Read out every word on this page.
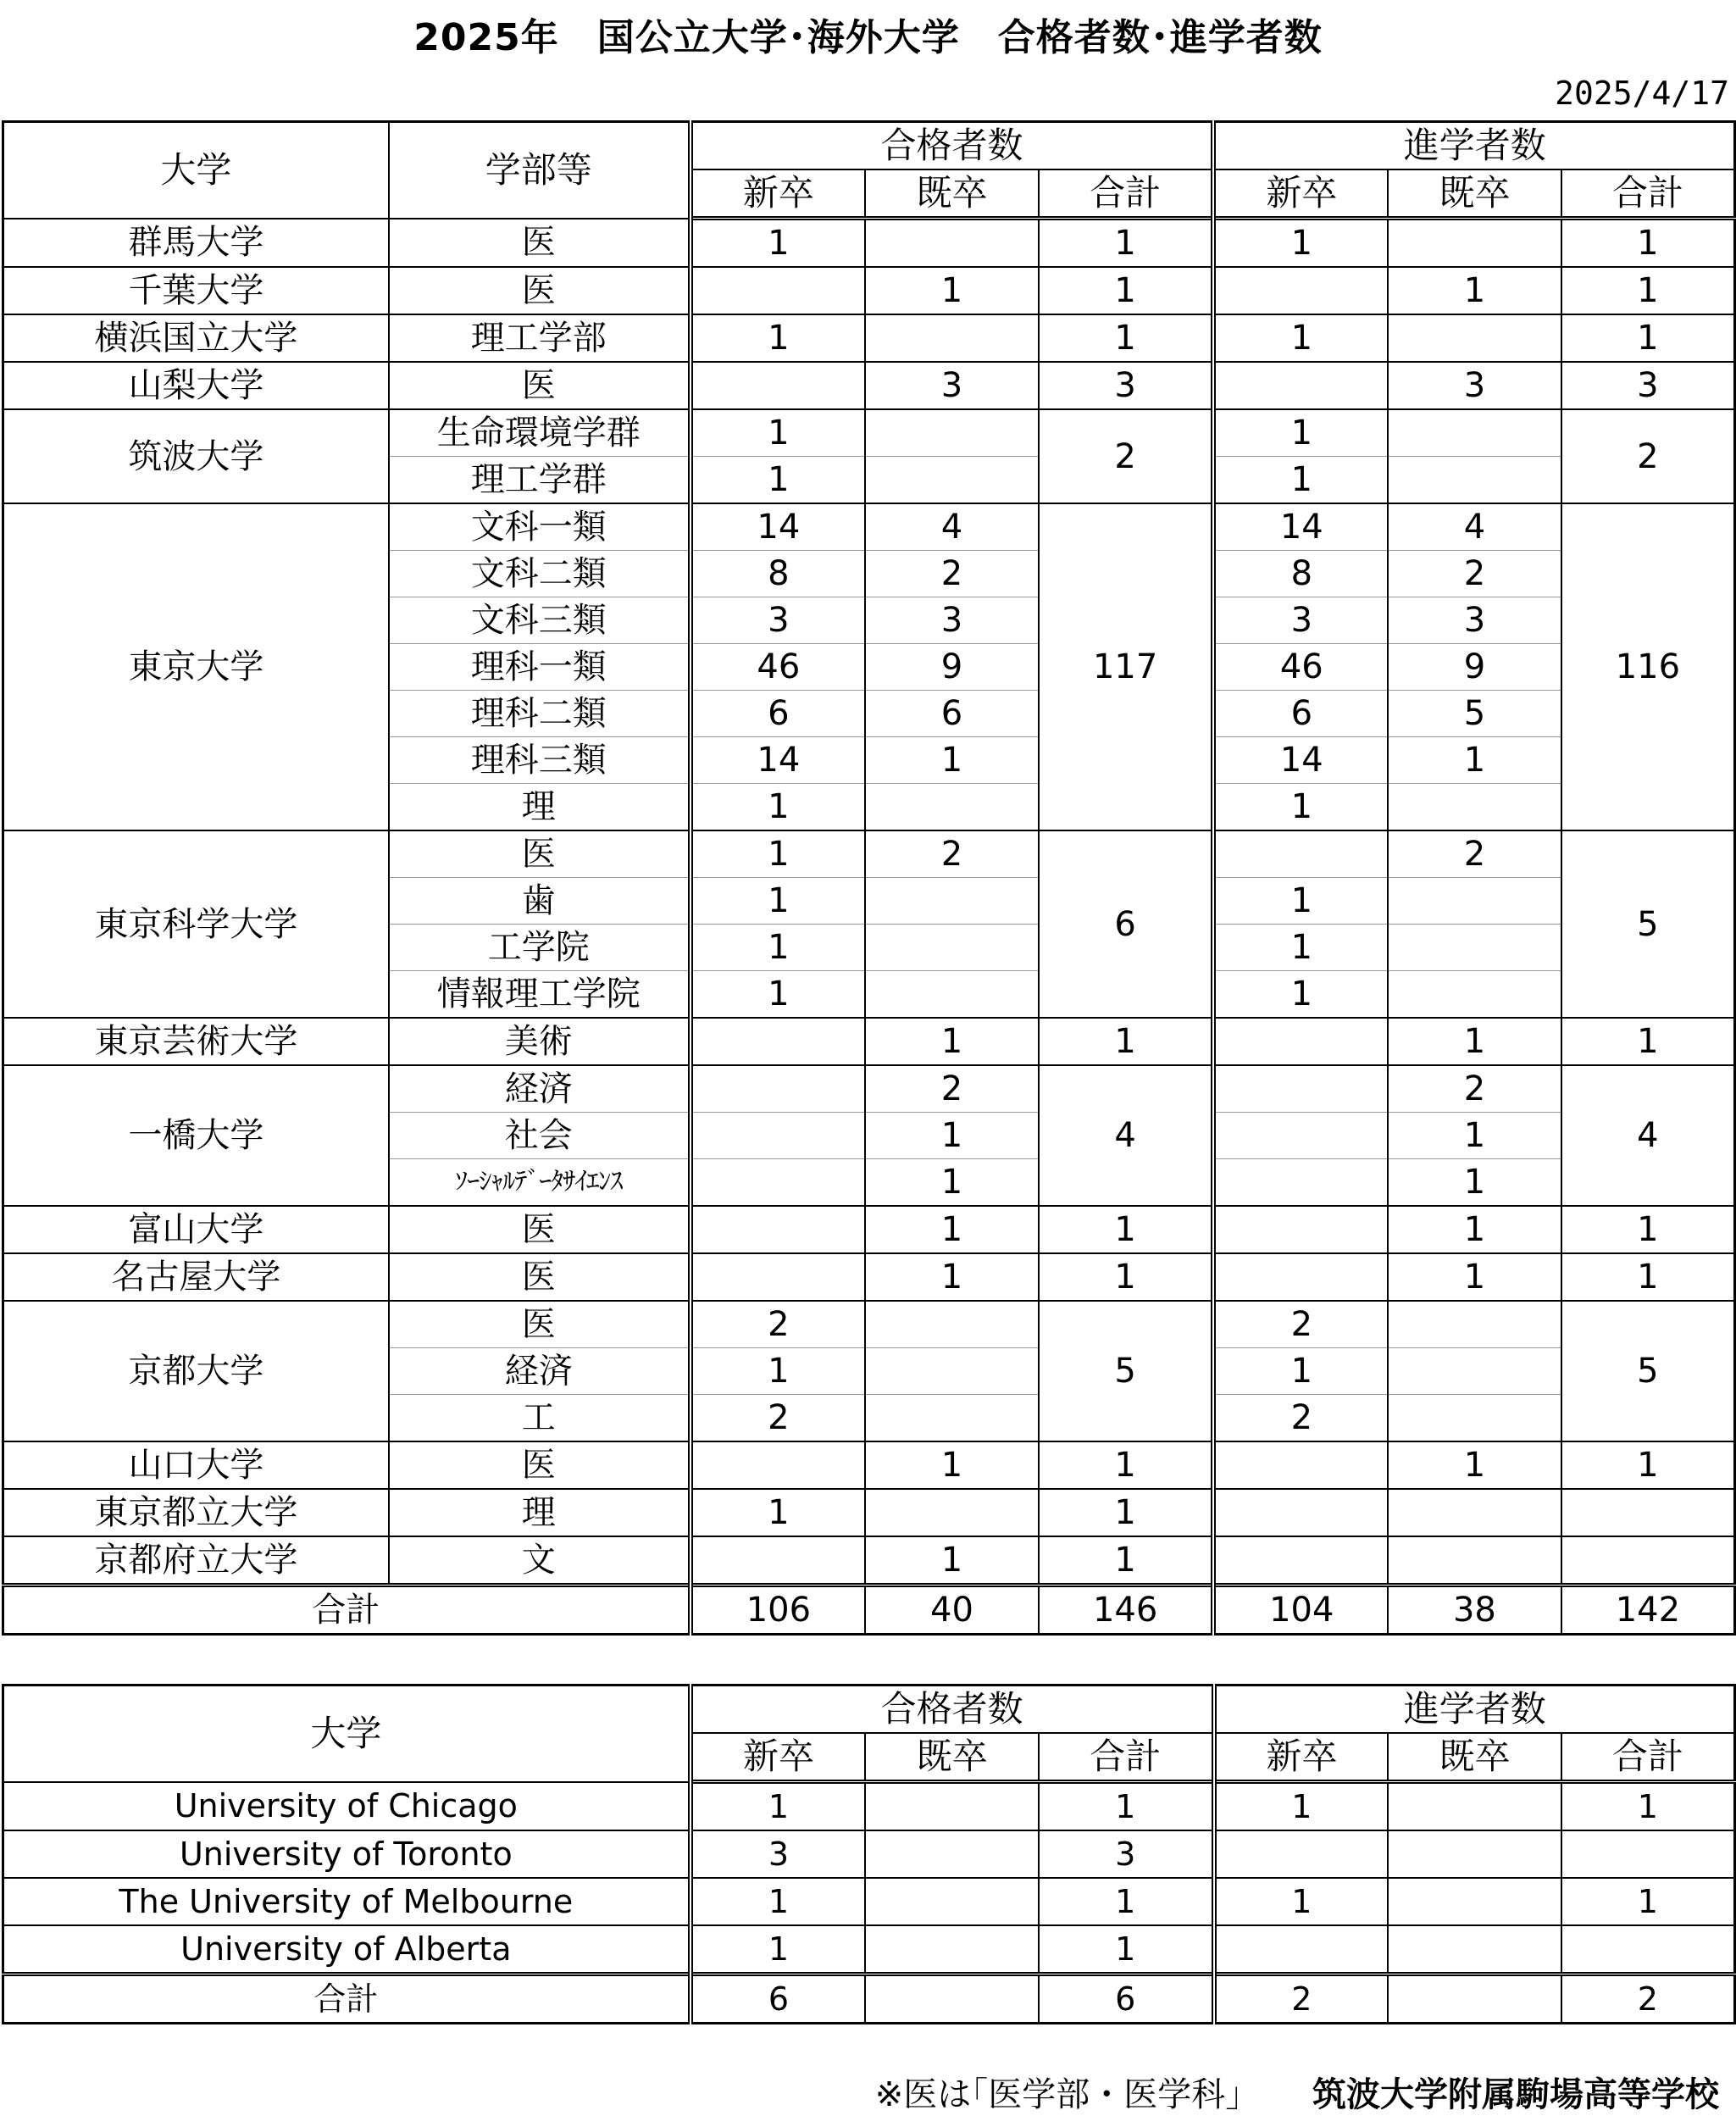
2025年　国公立大学･海外大学　合格者数･進学者数
2025/4/17
大学	学部等	合格者数			進学者数		
		新卒	既卒	合計	新卒	既卒	合計
群馬大学	医	1		1	1		1
千葉大学	医		1	1		1	1
横浜国立大学	理工学部	1		1	1		1
山梨大学	医		3	3		3	3
筑波大学	生命環境学群	1		2	1		2
	理工学群	1			1		
東京大学	文科一類	14	4	117	14	4	116
	文科二類	8	2		8	2	
	文科三類	3	3		3	3	
	理科一類	46	9		46	9	
	理科二類	6	6		6	5	
	理科三類	14	1		14	1	
	理	1			1		
東京科学大学	医	1	2	6		2	5
	歯	1			1		
	工学院	1			1		
	情報理工学院	1			1		
東京芸術大学	美術		1	1		1	1
一橋大学	経済		2	4		2	4
	社会		1			1	
	ｿｰｼｬﾙﾃﾞｰﾀｻｲｴﾝｽ		1			1	
富山大学	医		1	1		1	1
名古屋大学	医		1	1		1	1
京都大学	医	2		5	2		5
	経済	1			1		
	工	2			2		
山口大学	医		1	1		1	1
東京都立大学	理	1		1			
京都府立大学	文		1	1			
合計		106	40	146	104	38	142
大学	合格者数			進学者数		
	新卒	既卒	合計	新卒	既卒	合計
University of Chicago	1		1	1		1
University of Toronto	3		3			
The University of Melbourne	1		1	1		1
University of Alberta	1		1			
合計	6		6	2		2
※医は｢医学部・医学科｣ 筑波大学附属駒場高等学校
